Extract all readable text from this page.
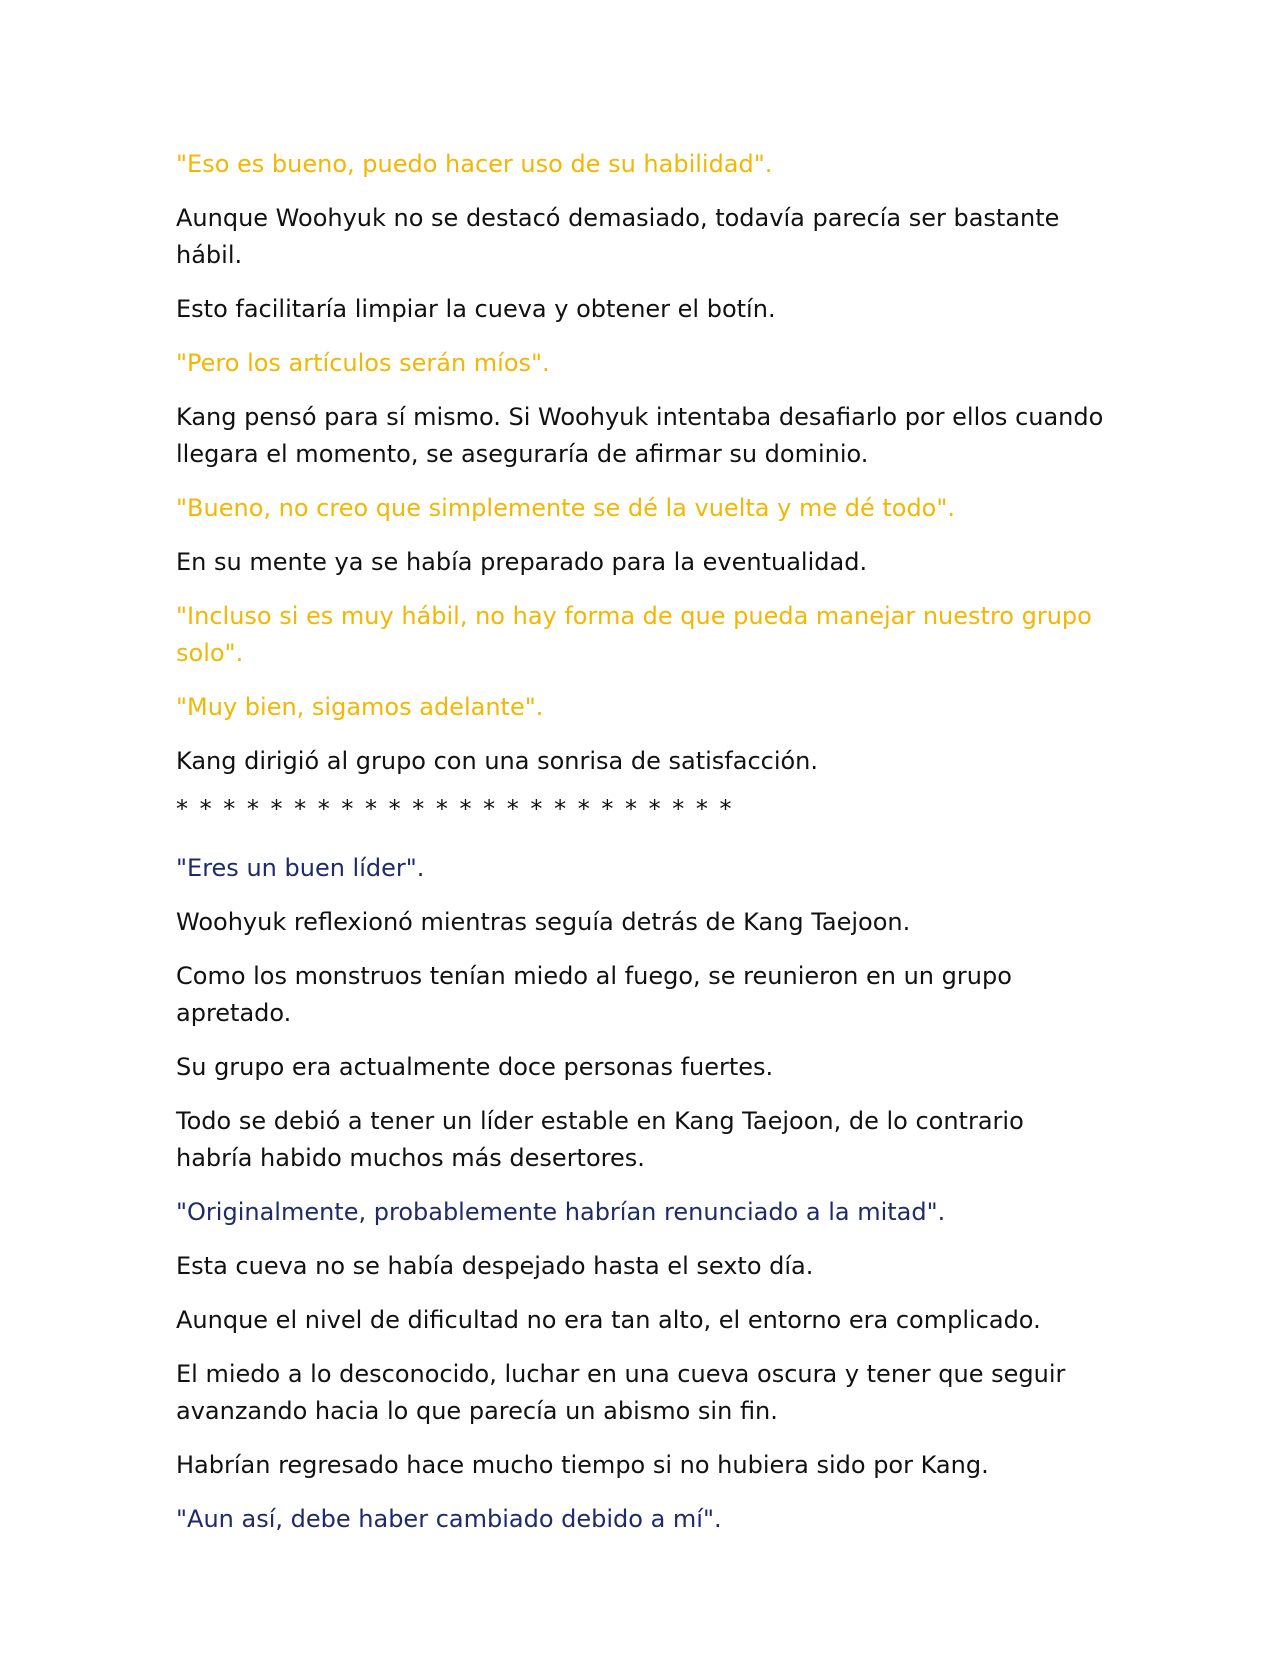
"Eso es bueno, puedo hacer uso de su habilidad".

Aunque Woohyuk no se destacó demasiado, todavía parecía ser bastante hábil.

Esto facilitaría limpiar la cueva y obtener el botín.

"Pero los artículos serán míos".

Kang pensó para sí mismo. Si Woohyuk intentaba desafiarlo por ellos cuando llegara el momento, se aseguraría de afirmar su dominio.

"Bueno, no creo que simplemente se dé la vuelta y me dé todo".

En su mente ya se había preparado para la eventualidad.

"Incluso si es muy hábil, no hay forma de que pueda manejar nuestro grupo solo".

"Muy bien, sigamos adelante".

Kang dirigió al grupo con una sonrisa de satisfacción.

* * * * * * * * * * * * * * * * * * * * * * * *

"Eres un buen líder".

Woohyuk reflexionó mientras seguía detrás de Kang Taejoon.

Como los monstruos tenían miedo al fuego, se reunieron en un grupo apretado.

Su grupo era actualmente doce personas fuertes.

Todo se debió a tener un líder estable en Kang Taejoon, de lo contrario habría habido muchos más desertores.

"Originalmente, probablemente habrían renunciado a la mitad".

Esta cueva no se había despejado hasta el sexto día.

Aunque el nivel de dificultad no era tan alto, el entorno era complicado.

El miedo a lo desconocido, luchar en una cueva oscura y tener que seguir avanzando hacia lo que parecía un abismo sin fin.

Habrían regresado hace mucho tiempo si no hubiera sido por Kang.

"Aun así, debe haber cambiado debido a mí".
